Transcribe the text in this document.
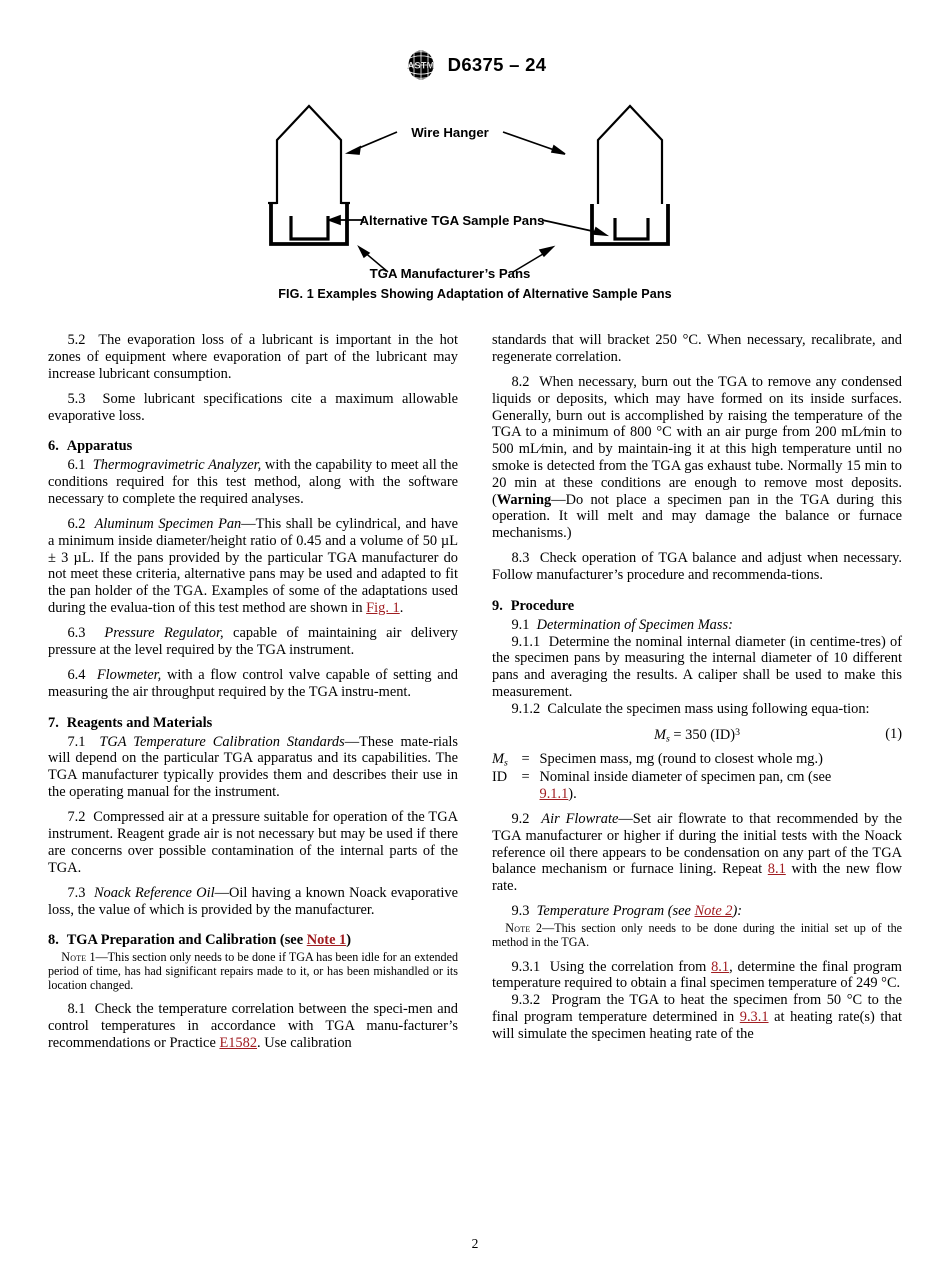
ASTM D6375 – 24
Wire Hanger
Alternative TGA Sample Pans
TGA Manufacturer’s Pans
FIG. 1 Examples Showing Adaptation of Alternative Sample Pans

5.2 The evaporation loss of a lubricant is important in the hot zones of equipment where evaporation of part of the lubricant may increase lubricant consumption.

5.3 Some lubricant specifications cite a maximum allowable evaporative loss.

6. Apparatus

6.1 Thermogravimetric Analyzer, with the capability to meet all the conditions required for this test method, along with the software necessary to complete the required analyses.

6.2 Aluminum Specimen Pan—This shall be cylindrical, and have a minimum inside diameter/height ratio of 0.45 and a volume of 50 µL ± 3 µL. If the pans provided by the particular TGA manufacturer do not meet these criteria, alternative pans may be used and adapted to fit the pan holder of the TGA. Examples of some of the adaptations used during the evalua-tion of this test method are shown in Fig. 1.

6.3 Pressure Regulator, capable of maintaining air delivery pressure at the level required by the TGA instrument.

6.4 Flowmeter, with a flow control valve capable of setting and measuring the air throughput required by the TGA instru-ment.

7. Reagents and Materials

7.1 TGA Temperature Calibration Standards—These mate-rials will depend on the particular TGA apparatus and its capabilities. The TGA manufacturer typically provides them and describes their use in the operating manual for the instrument.

7.2 Compressed air at a pressure suitable for operation of the TGA instrument. Reagent grade air is not necessary but may be used if there are concerns over possible contamination of the internal parts of the TGA.

7.3 Noack Reference Oil—Oil having a known Noack evaporative loss, the value of which is provided by the manufacturer.

8. TGA Preparation and Calibration (see Note 1)

Note 1—This section only needs to be done if TGA has been idle for an extended period of time, has had significant repairs made to it, or has been mishandled or its location changed.

8.1 Check the temperature correlation between the speci-men and control temperatures in accordance with TGA manu-facturer’s recommendations or Practice E1582. Use calibration

standards that will bracket 250 °C. When necessary, recalibrate, and regenerate correlation.

8.2 When necessary, burn out the TGA to remove any condensed liquids or deposits, which may have formed on its inside surfaces. Generally, burn out is accomplished by raising the temperature of the TGA to a minimum of 800 °C with an air purge from 200 mL∕min to 500 mL∕min, and by maintain-ing it at this high temperature until no smoke is detected from the TGA gas exhaust tube. Normally 15 min to 20 min at these conditions are enough to remove most deposits. (Warning—Do not place a specimen pan in the TGA during this operation. It will melt and may damage the balance or furnace mechanisms.)

8.3 Check operation of TGA balance and adjust when necessary. Follow manufacturer’s procedure and recommenda-tions.

9. Procedure

9.1 Determination of Specimen Mass:

9.1.1 Determine the nominal internal diameter (in centime-tres) of the specimen pans by measuring the internal diameter of 10 different pans and averaging the results. A caliper shall be used to make this measurement.

9.1.2 Calculate the specimen mass using following equa-tion:

$M_s = 350$ (ID)$^3$	(1)

$M_s$ = Specimen mass, mg (round to closest whole mg.)
ID = Nominal inside diameter of specimen pan, cm (see
9.1.1).

9.2 Air Flowrate—Set air flowrate to that recommended by the TGA manufacturer or higher if during the initial tests with the Noack reference oil there appears to be condensation on any part of the TGA balance mechanism or furnace lining. Repeat 8.1 with the new flow rate.

9.3 Temperature Program (see Note 2):

Note 2—This section only needs to be done during the initial set up of the method in the TGA.

9.3.1 Using the correlation from 8.1, determine the final program temperature required to obtain a final specimen temperature of 249 °C.

9.3.2 Program the TGA to heat the specimen from 50 °C to the final program temperature determined in 9.3.1 at heating rate(s) that will simulate the specimen heating rate of the

2
